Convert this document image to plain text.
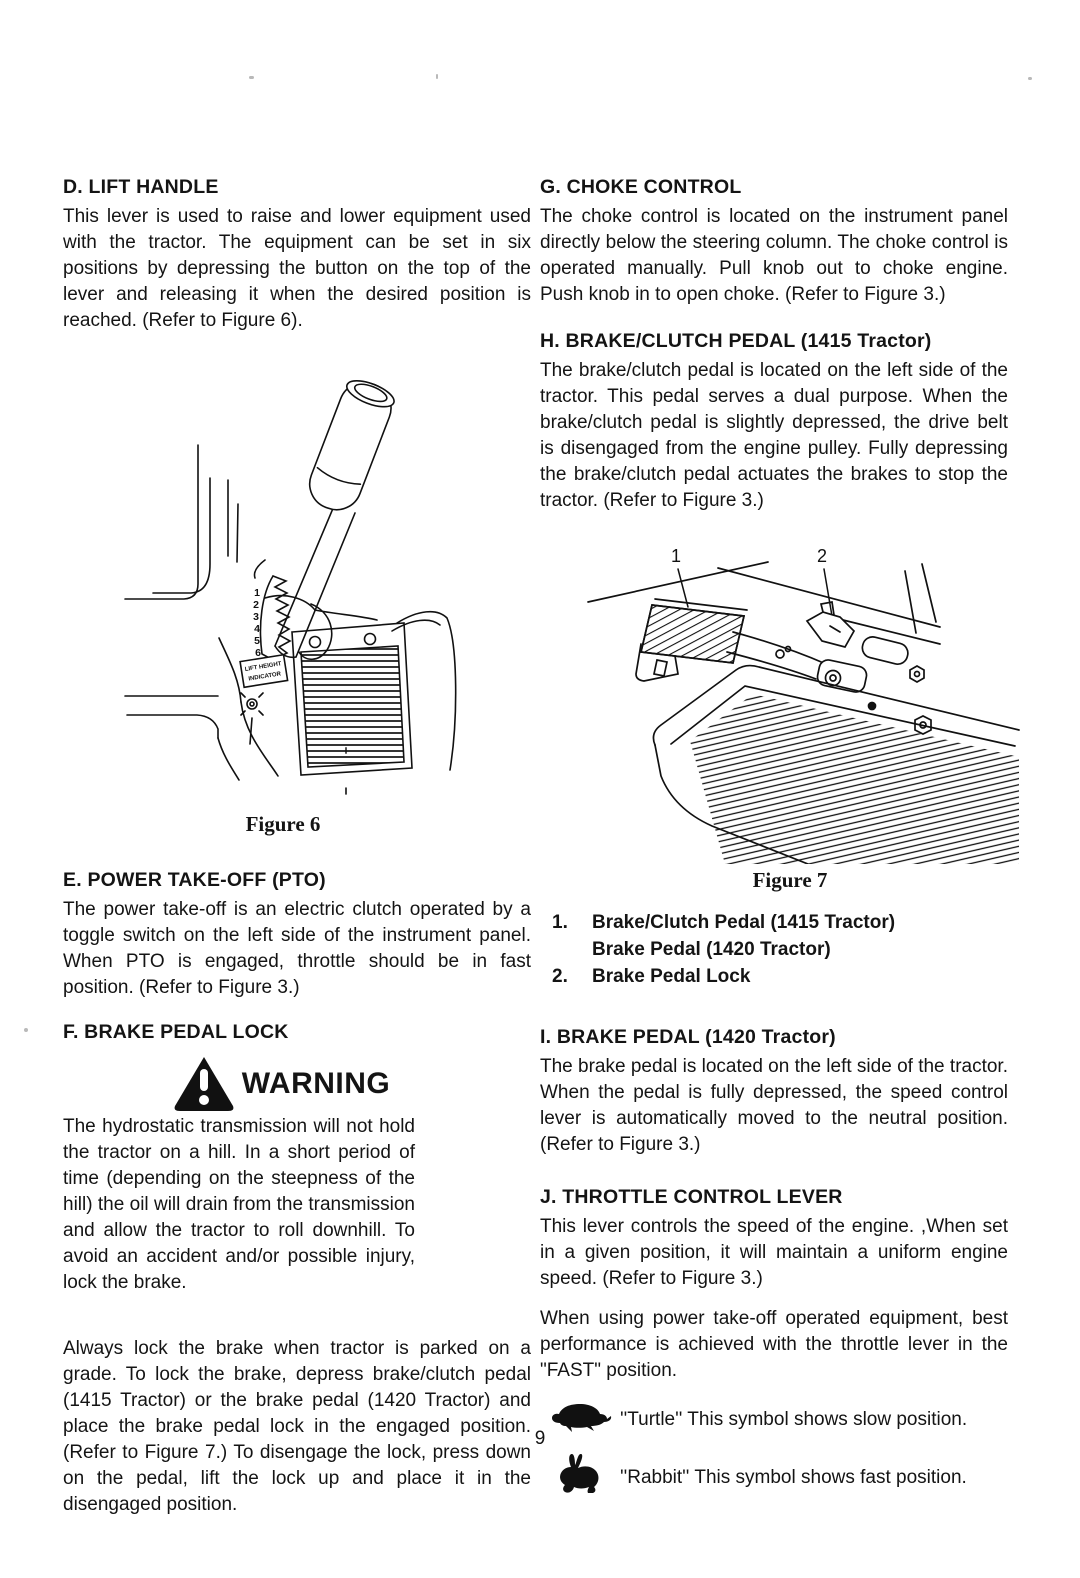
D. LIFT HANDLE

This lever is used to raise and lower equipment used with the tractor. The equipment can be set in six positions by depressing the button on the top of the lever and releasing it when the desired position is reached. (Refer to Figure 6).

1
2
3
4
5
6
LIFT HEIGHT
INDICATOR
Figure 6
E. POWER TAKE-OFF (PTO)

The power take-off is an electric clutch operated by a toggle switch on the left side of the instrument panel. When PTO is engaged, throttle should be in fast position. (Refer to Figure 3.)

F. BRAKE PEDAL LOCK
WARNING

The hydrostatic transmission will not hold the tractor on a hill. In a short period of time (depending on the steepness of the hill) the oil will drain from the transmission and allow the tractor to roll downhill. To avoid an accident and/or possible injury, lock the brake.

Always lock the brake when tractor is parked on a grade. To lock the brake, depress brake/clutch pedal (1415 Tractor) or the brake pedal (1420 Tractor) and place the brake pedal lock in the engaged position. (Refer to Figure 7.) To disengage the lock, press down on the pedal, lift the lock up and place it in the disengaged position.

G. CHOKE CONTROL

The choke control is located on the instrument panel directly below the steering column. The choke control is operated manually. Pull knob out to choke engine. Push knob in to open choke. (Refer to Figure 3.)

H. BRAKE/CLUTCH PEDAL (1415 Tractor)

The brake/clutch pedal is located on the left side of the tractor. This pedal serves a dual purpose. When the brake/clutch pedal is slightly depressed, the drive belt is disengaged from the engine pulley. Fully depressing the brake/clutch pedal actuates the brakes to stop the tractor. (Refer to Figure 3.)

1	2
Figure 7
1.	Brake/Clutch Pedal (1415 Tractor)
Brake Pedal (1420 Tractor)
2.	Brake Pedal Lock
I. BRAKE PEDAL (1420 Tractor)

The brake pedal is located on the left side of the tractor. When the pedal is fully depressed, the speed control lever is automatically moved to the neutral position. (Refer to Figure 3.)

J. THROTTLE CONTROL LEVER

This lever controls the speed of the engine. ,When set in a given position, it will maintain a uniform engine speed. (Refer to Figure 3.)

When using power take-off operated equipment, best performance is achieved with the throttle lever in the "FAST" position.

''Turtle'' This symbol shows slow position.
''Rabbit'' This symbol shows fast position.
9
